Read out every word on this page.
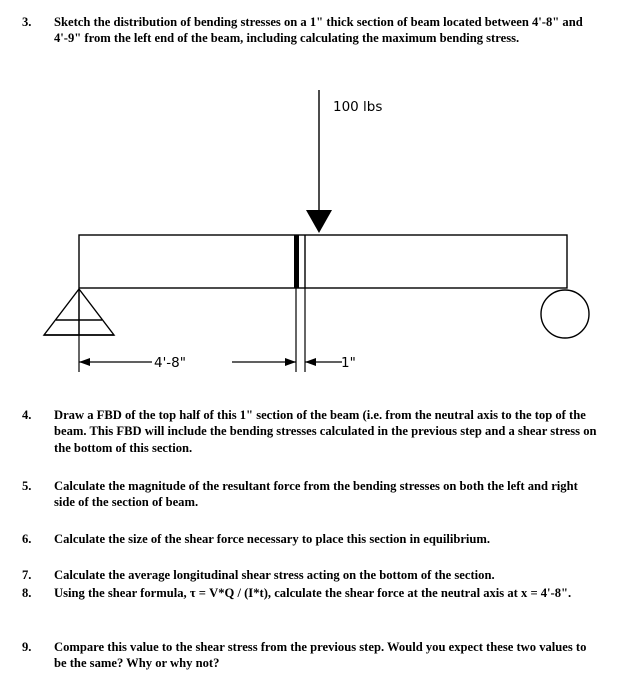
100 lbs
4'-8"	1"
3. Sketch the distribution of bending stresses on a 1" thick section of beam located between 4'-8" and 4'-9" from the left end of the beam, including calculating the maximum bending stress.
4. Draw a FBD of the top half of this 1" section of the beam (i.e. from the neutral axis to the top of the beam. This FBD will include the bending stresses calculated in the previous step and a shear stress on the bottom of this section.
5. Calculate the magnitude of the resultant force from the bending stresses on both the left and right side of the section of beam.
6. Calculate the size of the shear force necessary to place this section in equilibrium.
7. Calculate the average longitudinal shear stress acting on the bottom of the section.
8. Using the shear formula, τ = V*Q / (I*t), calculate the shear force at the neutral axis at x = 4'-8".
9. Compare this value to the shear stress from the previous step. Would you expect these two values to be the same? Why or why not?
